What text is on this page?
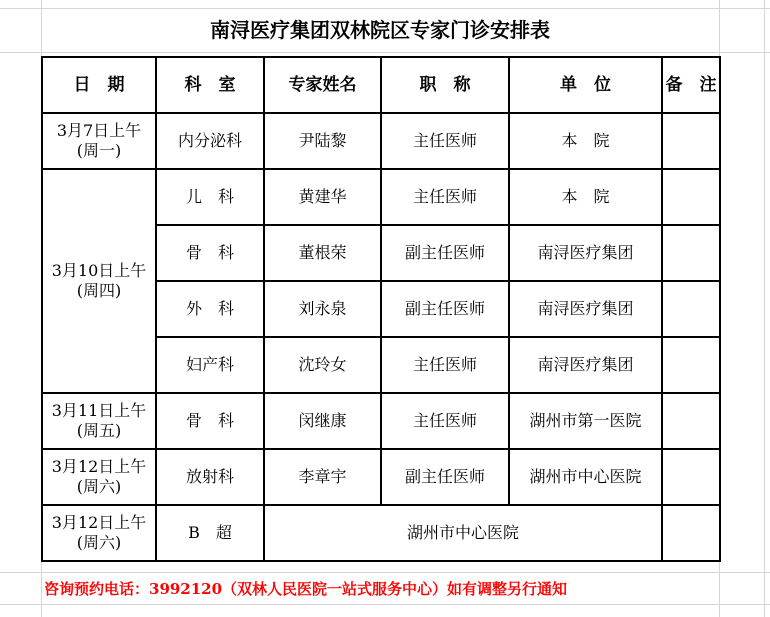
南浔医疗集团双林院区专家门诊安排表
日　期	科　室	专家姓名	职　称	单　位	备　注

3月7日上午
(周一)	内分泌科	尹陆黎	主任医师	本　院	

3月10日上午
(周四)	儿　科	黄建华	主任医师	本　院	
	骨　科	董根荣	副主任医师	南浔医疗集团	
	外　科	刘永泉	副主任医师	南浔医疗集团	
	妇产科	沈玲女	主任医师	南浔医疗集团	

3月11日上午
(周五)	骨　科	闵继康	主任医师	湖州市第一医院	

3月12日上午
(周六)	放射科	李章宇	副主任医师	湖州市中心医院	

3月12日上午
(周六)	B　超	湖州市中心医院			
咨询预约电话：3992120（双林人民医院一站式服务中心）如有调整另行通知
